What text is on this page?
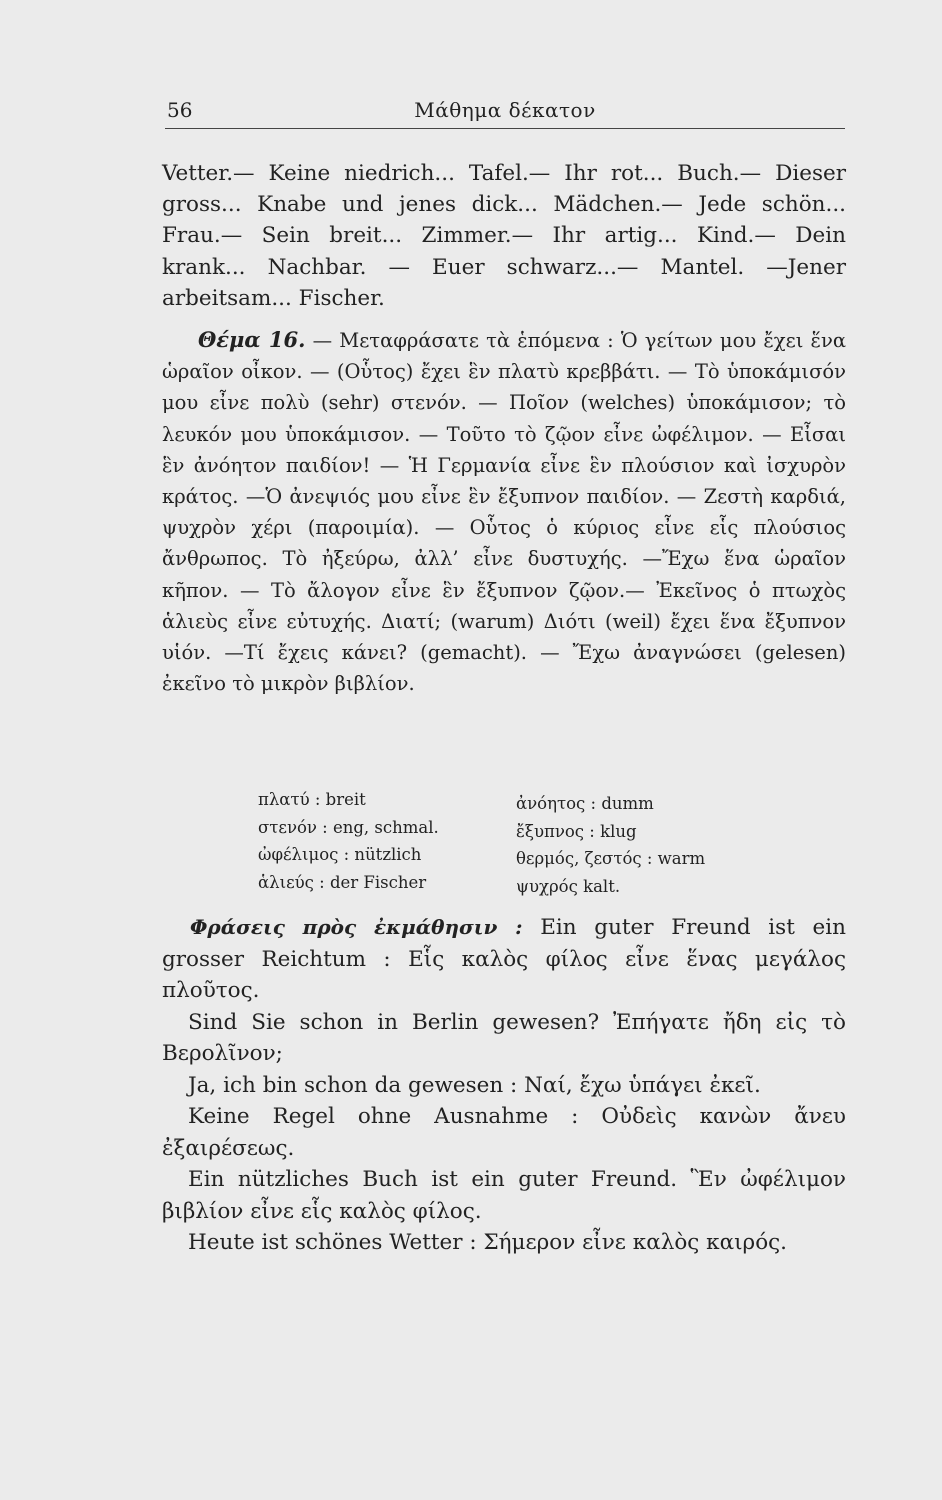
56	Μάθημα δέκατον

Vetter.— Keine niedrich... Tafel.— Ihr rot... Buch.— Dieser gross... Knabe und jenes dick... Mädchen.— Jede schön... Frau.— Sein breit... Zimmer.— Ihr artig... Kind.— Dein krank... Nachbar. — Euer schwarz...— Mantel. —Jener arbeitsam... Fischer.

Θέμα 16. — Μεταφράσατε τὰ ἑπόμενα : Ὁ γείτων μου ἔχει ἕνα ὡραῖον οἶκον. — (Οὗτος) ἔχει ἓν πλατὺ κρεββάτι. — Τὸ ὑποκάμισόν μου εἶνε πολὺ (sehr) στενόν. — Ποῖον (welches) ὑποκάμισον; τὸ λευκόν μου ὑποκάμισον. — Τοῦτο τὸ ζῷον εἶνε ὠφέλιμον. — Εἶσαι ἓν ἀνόητον παιδίον! — Ἡ Γερμανία εἶνε ἓν πλούσιον καὶ ἰσχυρὸν κράτος. —Ὁ ἀνεψιός μου εἶνε ἓν ἔξυπνον παιδίον. — Ζεστὴ καρδιά, ψυχρὸν χέρι (παροιμία). — Οὗτος ὁ κύριος εἶνε εἷς πλούσιος ἄνθρωπος. Τὸ ἠξεύρω, ἀλλ’ εἶνε δυστυχής. —Ἔχω ἕνα ὡραῖον κῆπον. — Τὸ ἄλογον εἶνε ἓν ἔξυπνον ζῷον.— Ἐκεῖνος ὁ πτωχὸς ἁλιεὺς εἶνε εὐτυχής. Διατί; (warum) Διότι (weil) ἔχει ἕνα ἔξυπνον υἱόν. —Τί ἔχεις κάνει? (gemacht). — Ἔχω ἀναγνώσει (gelesen) ἐκεῖνο τὸ μικρὸν βιβλίον.

πλατύ : breit
στενόν : eng, schmal.
ὠφέλιμος : nützlich
ἁλιεύς : der Fischer
ἀνόητος : dumm
ἔξυπνος : klug
θερμός, ζεστός : warm
ψυχρός kalt.

Φράσεις πρὸς ἐκμάθησιν : Ein guter Freund ist ein grosser Reichtum : Εἷς καλὸς φίλος εἶνε ἕνας μεγάλος πλοῦτος.

Sind Sie schon in Berlin gewesen? Ἐπήγατε ἤδη εἰς τὸ Βερολῖνον;

Ja, ich bin schon da gewesen : Ναί, ἔχω ὑπάγει ἐκεῖ.

Keine Regel ohne Ausnahme : Οὐδεὶς κανὼν ἄνευ ἐξαιρέσεως.

Ein nützliches Buch ist ein guter Freund. Ἓν ὠφέλιμον βιβλίον εἶνε εἷς καλὸς φίλος.

Heute ist schönes Wetter : Σήμερον εἶνε καλὸς καιρός.
